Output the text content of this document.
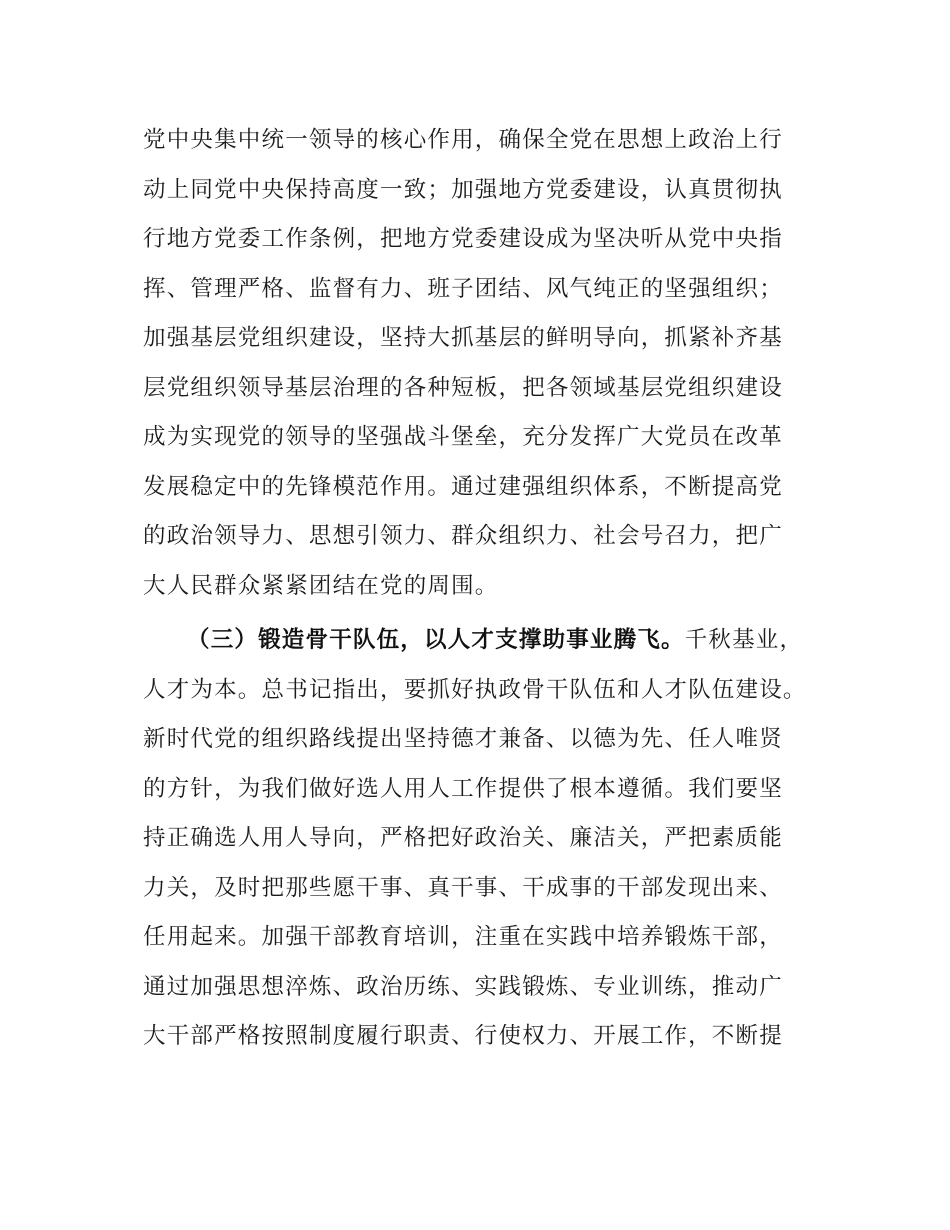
党中央集中统一领导的核心作用，确保全党在思想上政治上行
动上同党中央保持高度一致；加强地方党委建设，认真贯彻执
行地方党委工作条例，把地方党委建设成为坚决听从党中央指
挥、管理严格、监督有力、班子团结、风气纯正的坚强组织；
加强基层党组织建设，坚持大抓基层的鲜明导向，抓紧补齐基
层党组织领导基层治理的各种短板，把各领域基层党组织建设
成为实现党的领导的坚强战斗堡垒，充分发挥广大党员在改革
发展稳定中的先锋模范作用。通过建强组织体系，不断提高党
的政治领导力、思想引领力、群众组织力、社会号召力，把广
大人民群众紧紧团结在党的周围。
（三）锻造骨干队伍，以人才支撑助事业腾飞。千秋基业，
人才为本。总书记指出，要抓好执政骨干队伍和人才队伍建设。
新时代党的组织路线提出坚持德才兼备、以德为先、任人唯贤
的方针，为我们做好选人用人工作提供了根本遵循。我们要坚
持正确选人用人导向，严格把好政治关、廉洁关，严把素质能
力关，及时把那些愿干事、真干事、干成事的干部发现出来、
任用起来。加强干部教育培训，注重在实践中培养锻炼干部，
通过加强思想淬炼、政治历练、实践锻炼、专业训练，推动广
大干部严格按照制度履行职责、行使权力、开展工作，不断提
